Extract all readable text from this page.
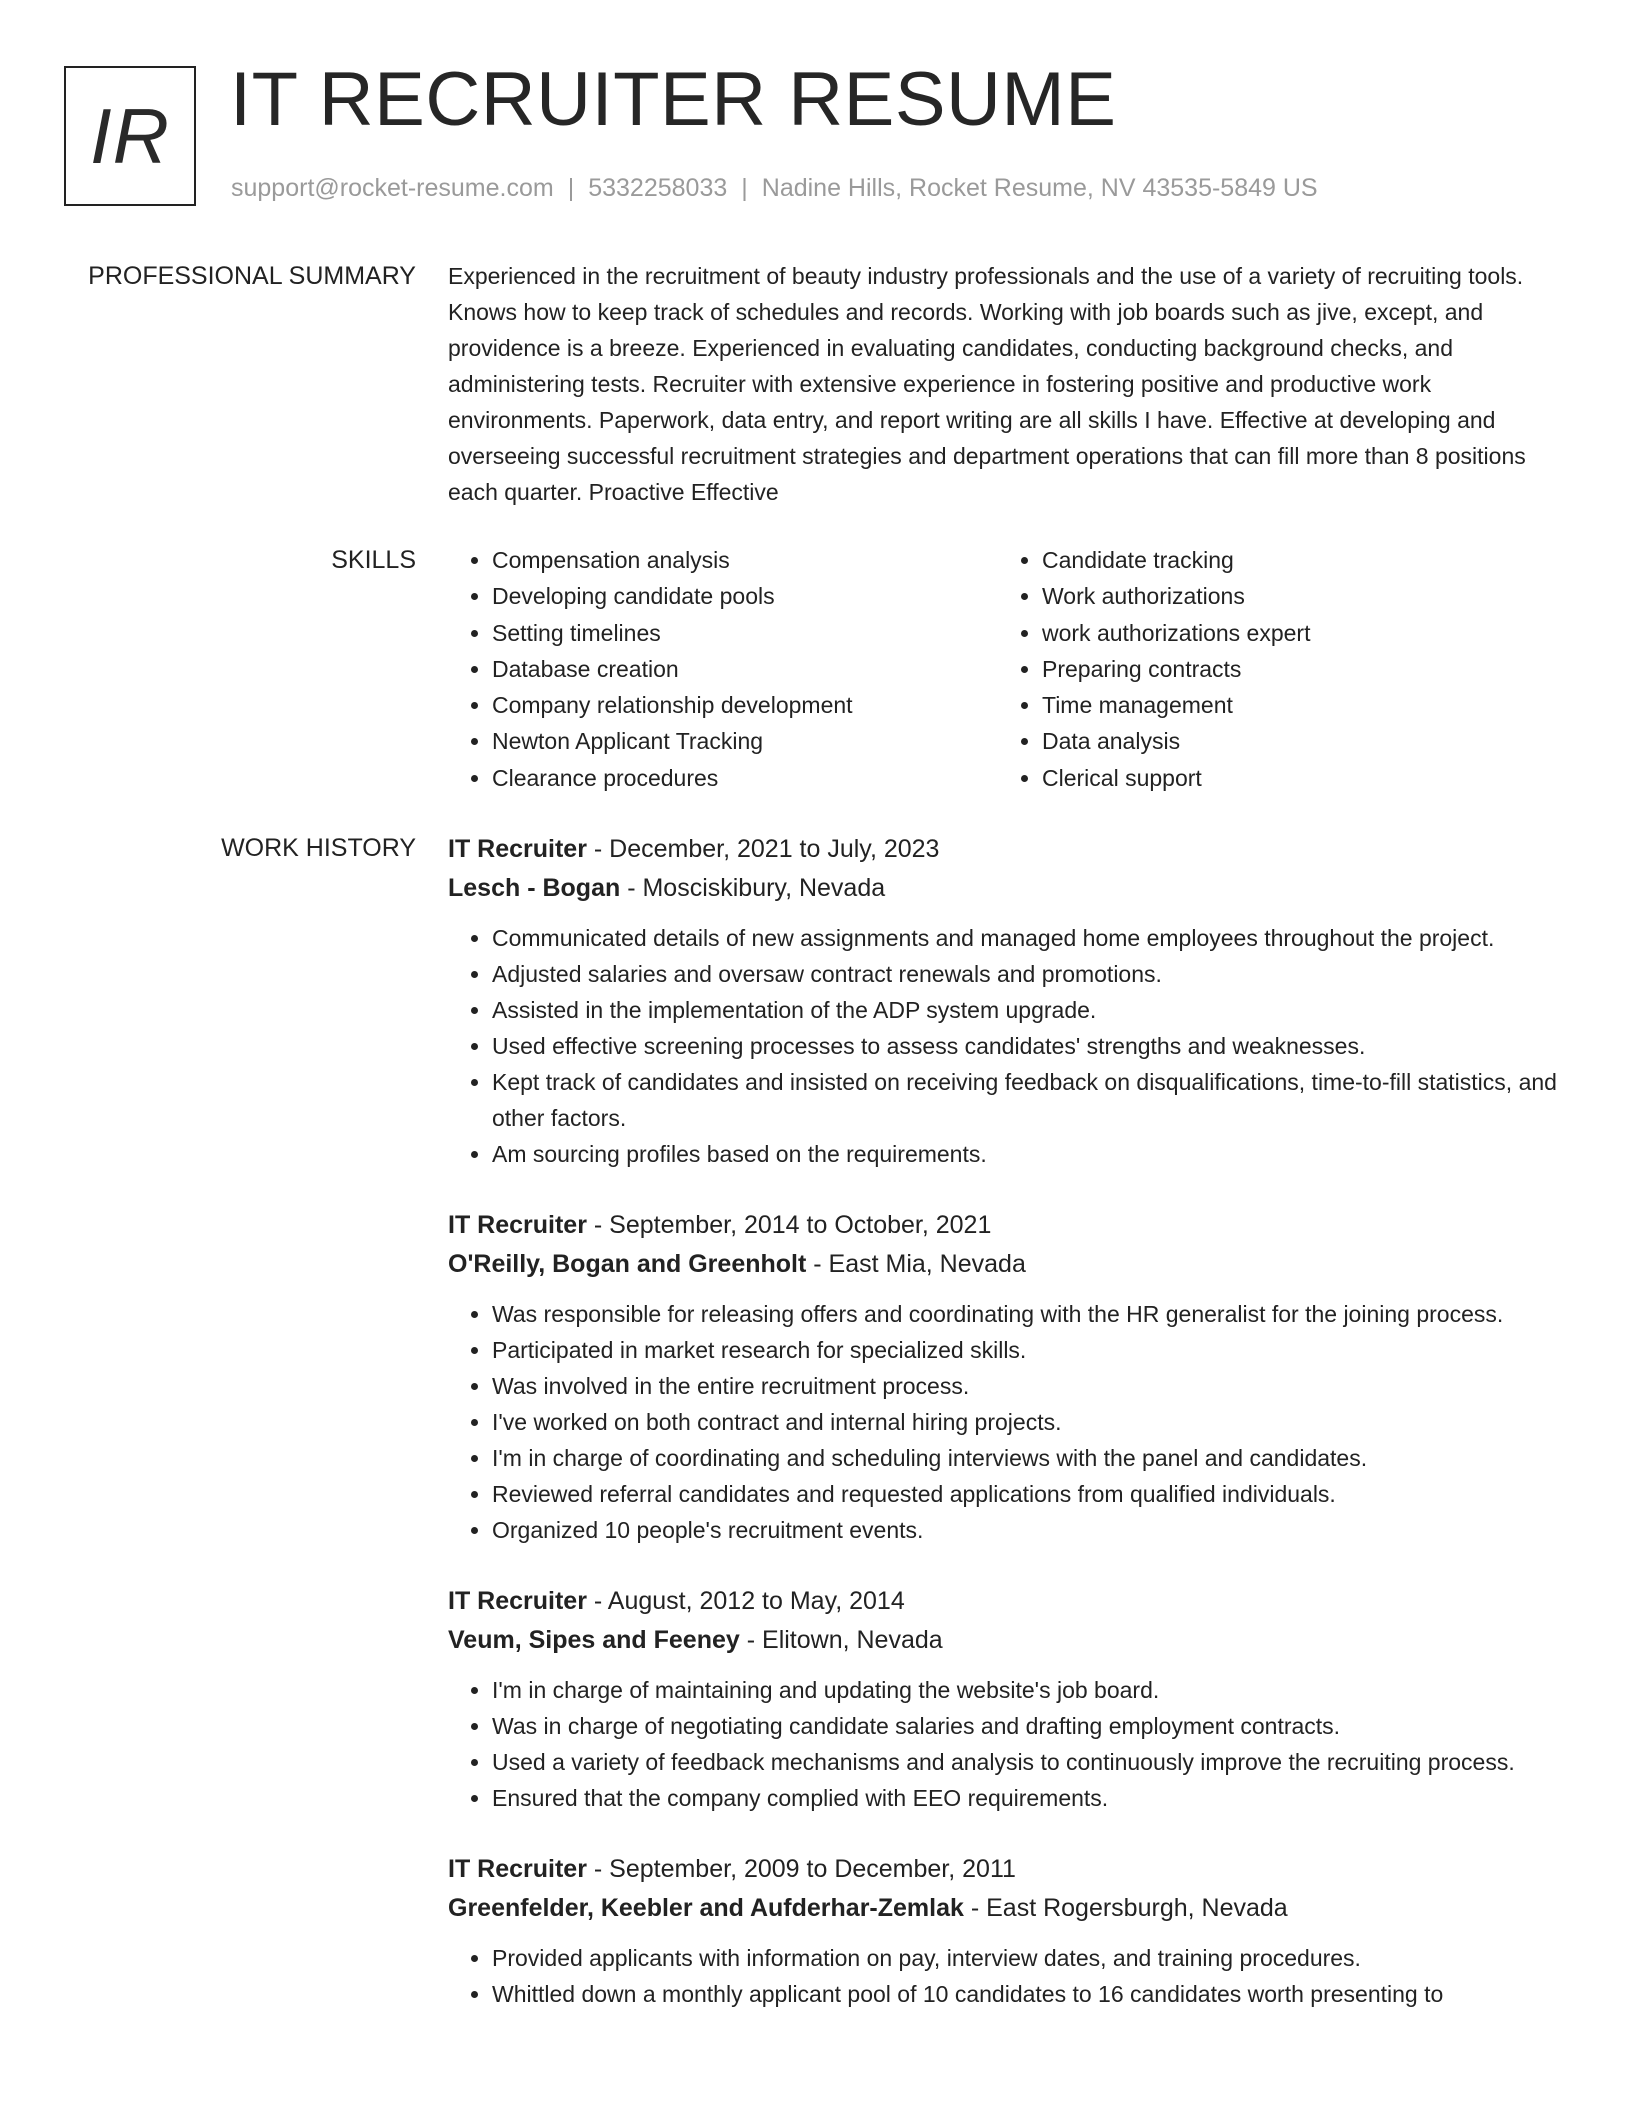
IR IT RECRUITER RESUME
support@rocket-resume.com | 5332258033 | Nadine Hills, Rocket Resume, NV 43535-5849 US
PROFESSIONAL SUMMARY Experienced in the recruitment of beauty industry professionals and the use of a variety of recruiting tools. Knows how to keep track of schedules and records. Working with job boards such as jive, except, and providence is a breeze. Experienced in evaluating candidates, conducting background checks, and administering tests. Recruiter with extensive experience in fostering positive and productive work environments. Paperwork, data entry, and report writing are all skills I have. Effective at developing and overseeing successful recruitment strategies and department operations that can fill more than 8 positions each quarter. Proactive Effective

SKILLS
•	Compensation analysis
• Developing candidate pools
• Setting timelines
• Database creation
• Company relationship development
• Newton Applicant Tracking
• Clearance procedures
• Candidate tracking
• Work authorizations
• work authorizations expert
• Preparing contracts
• Time management
• Data analysis
• Clerical support
WORK HISTORY IT Recruiter - December, 2021 to July, 2023
Lesch - Bogan - Mosciskibury, Nevada
• Communicated details of new assignments and managed home employees throughout the project.
• Adjusted salaries and oversaw contract renewals and promotions.
• Assisted in the implementation of the ADP system upgrade.
• Used effective screening processes to assess candidates' strengths and weaknesses.
• Kept track of candidates and insisted on receiving feedback on disqualifications, time-to-fill statistics, and other factors.
• Am sourcing profiles based on the requirements.
IT Recruiter - September, 2014 to October, 2021
O'Reilly, Bogan and Greenholt - East Mia, Nevada
• Was responsible for releasing offers and coordinating with the HR generalist for the joining process.
• Participated in market research for specialized skills.
• Was involved in the entire recruitment process.
• I've worked on both contract and internal hiring projects.
• I'm in charge of coordinating and scheduling interviews with the panel and candidates.
• Reviewed referral candidates and requested applications from qualified individuals.
• Organized 10 people's recruitment events.
IT Recruiter - August, 2012 to May, 2014
Veum, Sipes and Feeney - Elitown, Nevada
• I'm in charge of maintaining and updating the website's job board.
• Was in charge of negotiating candidate salaries and drafting employment contracts.
• Used a variety of feedback mechanisms and analysis to continuously improve the recruiting process.
• Ensured that the company complied with EEO requirements.
IT Recruiter - September, 2009 to December, 2011
Greenfelder, Keebler and Aufderhar-Zemlak - East Rogersburgh, Nevada
• Provided applicants with information on pay, interview dates, and training procedures.
• Whittled down a monthly applicant pool of 10 candidates to 16 candidates worth presenting to
